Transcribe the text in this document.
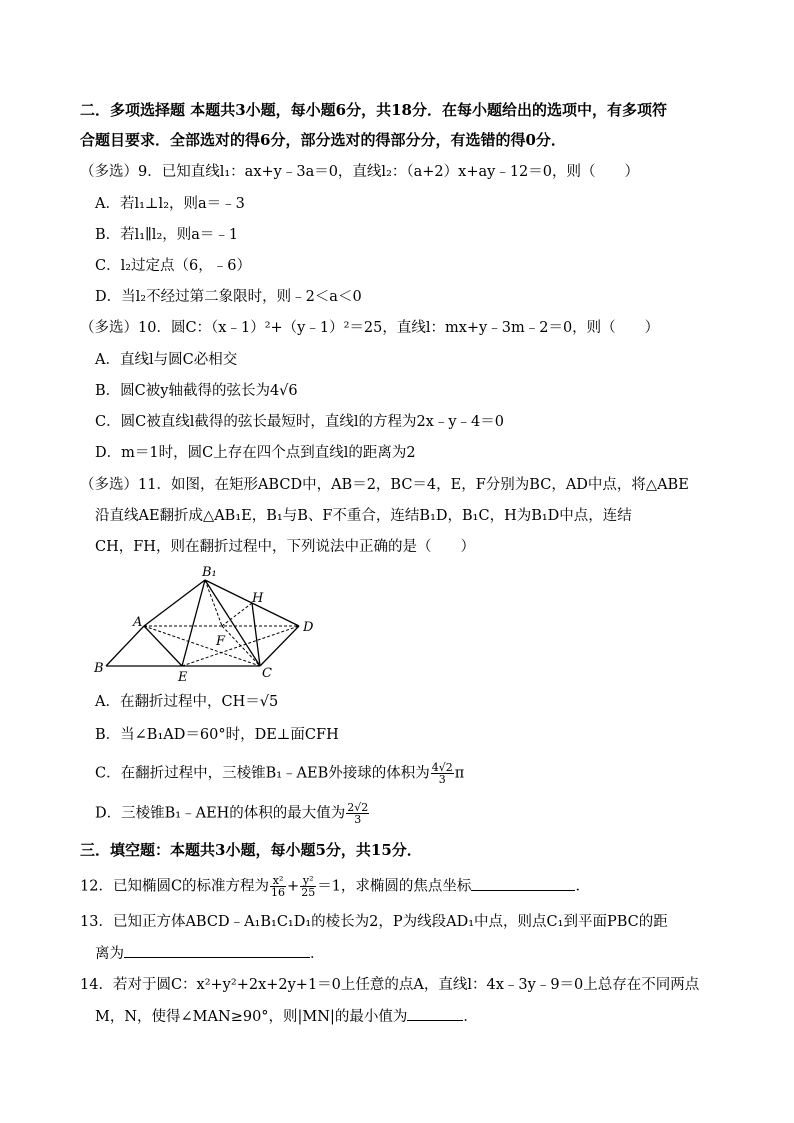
二．多项选择题 本题共3小题，每小题6分，共18分．在每小题给出的选项中，有多项符
合题目要求．全部选对的得6分，部分选对的得部分分，有选错的得0分．
（多选）9．已知直线l₁：ax+y﹣3a＝0，直线l₂：（a+2）x+ay﹣12＝0，则（　　）
A．若l₁⊥l₂，则a＝﹣3
B．若l₁∥l₂，则a＝﹣1
C．l₂过定点（6，﹣6）
D．当l₂不经过第二象限时，则﹣2＜a＜0
（多选）10．圆C：（x﹣1）²+（y﹣1）²＝25，直线l：mx+y﹣3m﹣2＝0，则（　　）
A．直线l与圆C必相交
B．圆C被y轴截得的弦长为4√6
C．圆C被直线l截得的弦长最短时，直线l的方程为2x﹣y﹣4＝0
D．m＝1时，圆C上存在四个点到直线l的距离为2
（多选）11．如图，在矩形ABCD中，AB＝2，BC＝4，E，F分别为BC，AD中点，将△ABE
沿直线AE翻折成△AB₁E，B₁与B、F不重合，连结B₁D，B₁C，H为B₁D中点，连结
CH，FH，则在翻折过程中，下列说法中正确的是（　　）
B₁
A
H
D
F
B
E	C
A．在翻折过程中，CH＝√5
B．当∠B₁AD＝60°时，DE⊥面CFH
C．在翻折过程中，三棱锥B₁﹣AEB外接球的体积为 $\frac{4√2}{3}$ π
D．三棱锥B₁﹣AEH的体积的最大值为 $\frac{2√2}{3}$
三．填空题：本题共3小题，每小题5分，共15分．
12．已知椭圆C的标准方程为 $\frac{\text{x²}}{16} + \frac{\text{y²}}{25} =1$，求椭圆的焦点坐标	．
13．已知正方体ABCD﹣A₁B₁C₁D₁的棱长为2，P为线段AD₁中点，则点C₁到平面PBC的距
离为	．
14．若对于圆C：x²+y²+2x+2y+1＝0上任意的点A，直线l：4x﹣3y﹣9＝0上总存在不同两点
M，N，使得∠MAN≥90°，则|MN|的最小值为	．
